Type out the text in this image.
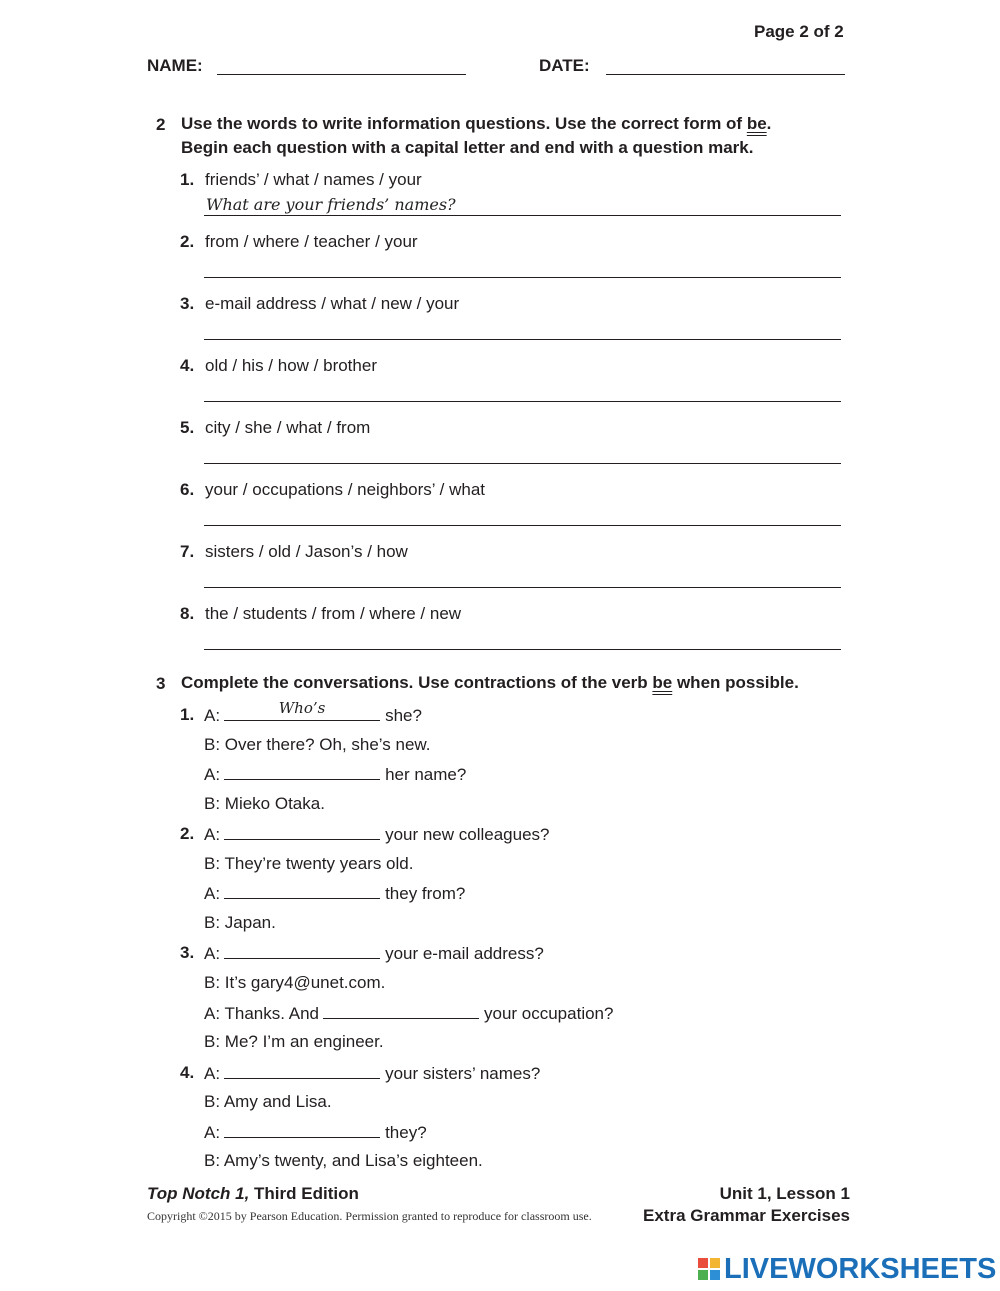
Page 2 of 2
NAME:	DATE:
2 Use the words to write information questions. Use the correct form of be.
Begin each question with a capital letter and end with a question mark.
1. friends’ / what / names / your
What are your friends’ names?
2. from / where / teacher / your
3. e-mail address / what / new / your
4. old / his / how / brother
5. city / she / what / from
6. your / occupations / neighbors’ / what
7. sisters / old / Jason’s / how
8. the / students / from / where / new
3 Complete the conversations. Use contractions of the verb be when possible.
1. A:	Who’s	she?
B: Over there? Oh, she’s new.
A:	her name?
B: Mieko Otaka.
2. A:	your new colleagues?
B: They’re twenty years old.
A:	they from?
B: Japan.
3. A:	your e-mail address?
B: It’s gary4@unet.com.
A: Thanks. And	your occupation?
B: Me? I’m an engineer.
4. A:	your sisters’ names?
B: Amy and Lisa.
A:	they?
B: Amy’s twenty, and Lisa’s eighteen.
Top Notch 1, Third Edition
Copyright ©2015 by Pearson Education. Permission granted to reproduce for classroom use.
Unit 1, Lesson 1
Extra Grammar Exercises
LIVEWORKSHEETS
